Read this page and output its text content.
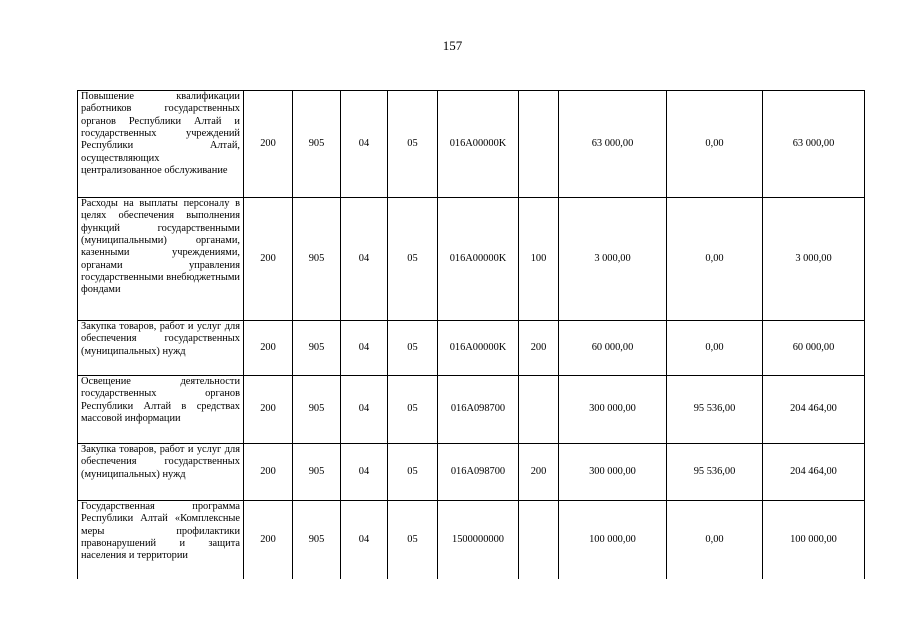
157
Повышение квалификации работников государственных органов Республики Алтай и государственных учреждений Республики Алтай, осуществляющих централизованное обслуживание	200	905	04	05	016A00000K		63 000,00	0,00	63 000,00
Расходы на выплаты персоналу в целях обеспечения выполнения функций государственными (муниципальными) органами, казенными учреждениями, органами управления государственными внебюджетными фондами	200	905	04	05	016A00000K	100	3 000,00	0,00	3 000,00
Закупка товаров, работ и услуг для обеспечения государственных (муниципальных) нужд	200	905	04	05	016A00000K	200	60 000,00	0,00	60 000,00
Освещение деятельности государственных органов Республики Алтай в средствах массовой информации	200	905	04	05	016A098700		300 000,00	95 536,00	204 464,00
Закупка товаров, работ и услуг для обеспечения государственных (муниципальных) нужд	200	905	04	05	016A098700	200	300 000,00	95 536,00	204 464,00
Государственная программа Республики Алтай «Комплексные меры профилактики правонарушений и защита населения и территории	200	905	04	05	1500000000		100 000,00	0,00	100 000,00
